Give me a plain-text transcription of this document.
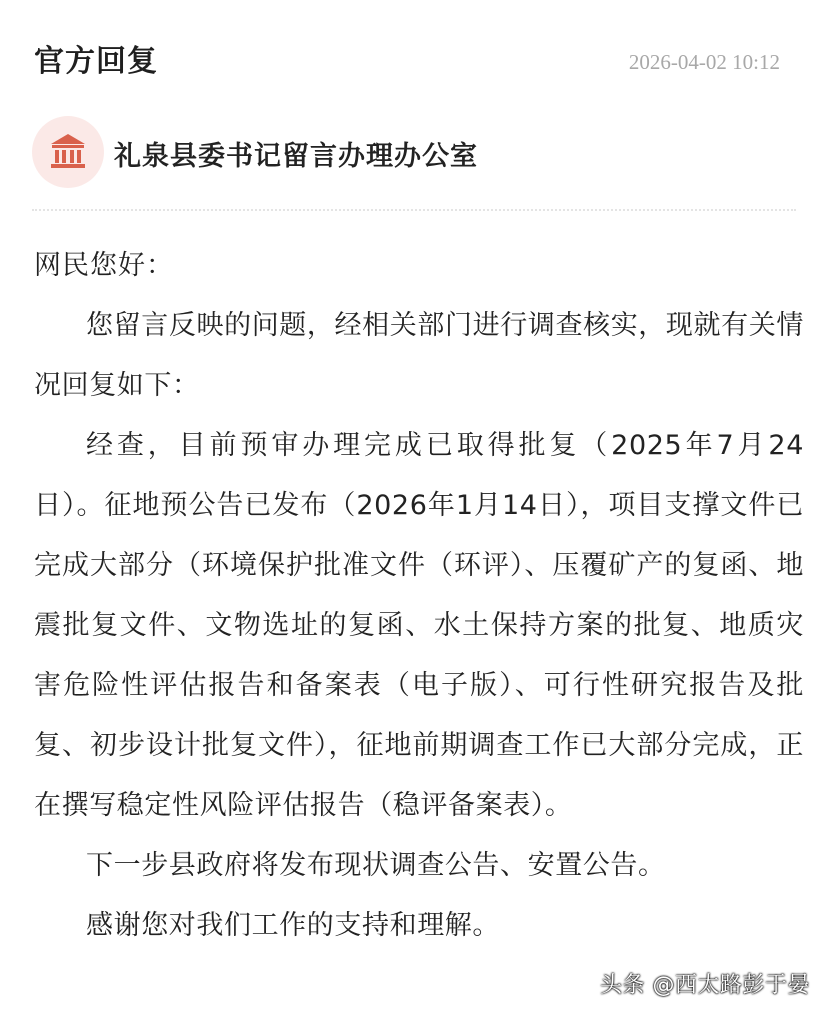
官方回复	2026-04-02 10:12
礼泉县委书记留言办理办公室

网民您好：

您留言反映的问题，经相关部门进行调查核实，现就有关情况回复如下：

经查，目前预审办理完成已取得批复（2025年7月24日）。征地预公告已发布（2026年1月14日），项目支撑文件已完成大部分（环境保护批准文件（环评）、压覆矿产的复函、地震批复文件、文物选址的复函、水土保持方案的批复、地质灾害危险性评估报告和备案表（电子版）、可行性研究报告及批复、初步设计批复文件），征地前期调查工作已大部分完成，正在撰写稳定性风险评估报告（稳评备案表）。

下一步县政府将发布现状调查公告、安置公告。

感谢您对我们工作的支持和理解。

头条 @西太路彭于晏
